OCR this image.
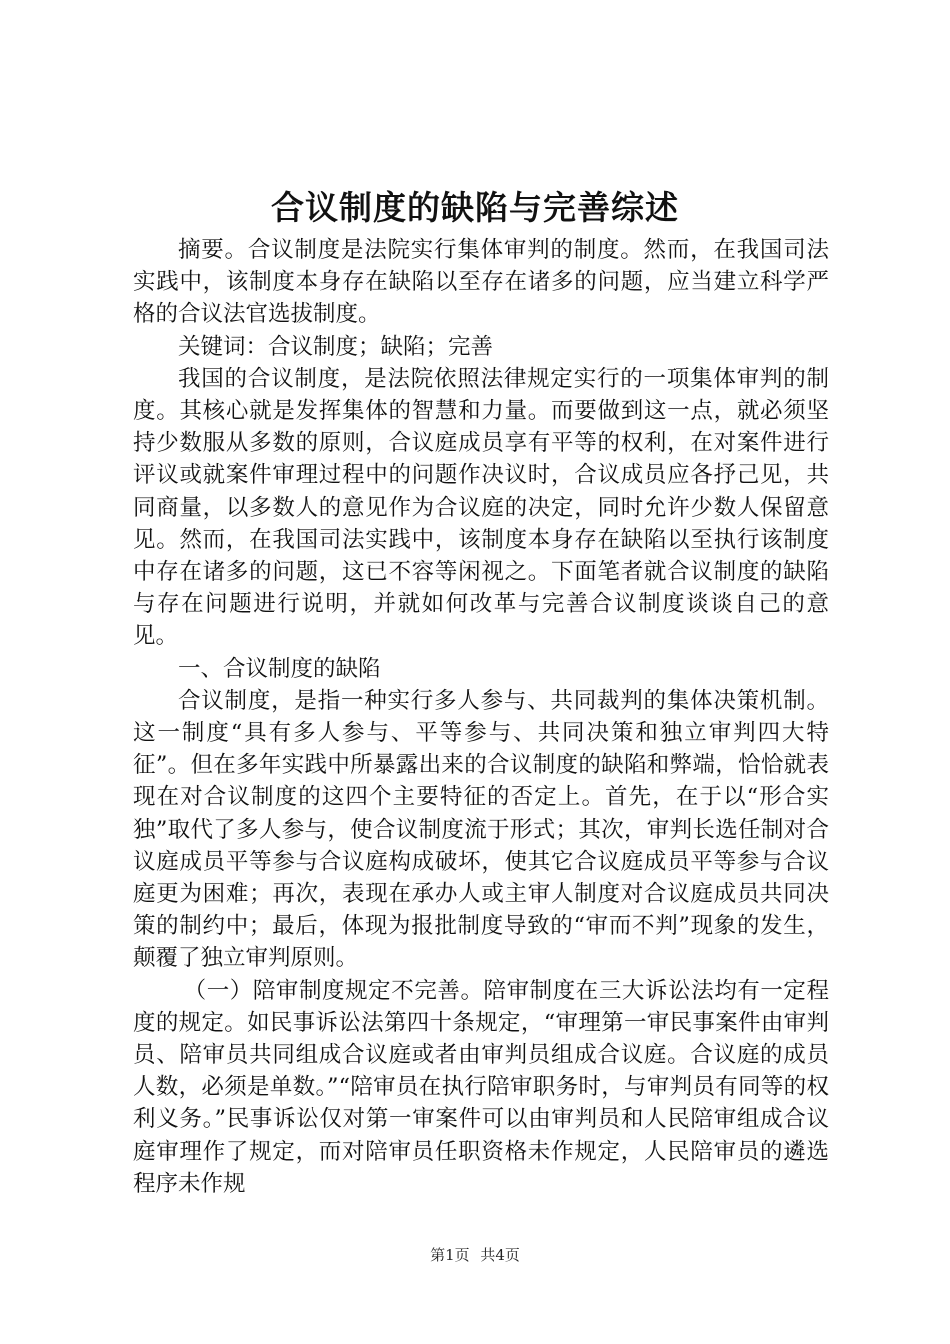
合议制度的缺陷与完善综述

摘要。合议制度是法院实行集体审判的制度。然而，在我国司法实践中，该制度本身存在缺陷以至存在诸多的问题，应当建立科学严格的合议法官选拔制度。

关键词：合议制度；缺陷；完善

我国的合议制度，是法院依照法律规定实行的一项集体审判的制度。其核心就是发挥集体的智慧和力量。而要做到这一点，就必须坚持少数服从多数的原则，合议庭成员享有平等的权利，在对案件进行评议或就案件审理过程中的问题作决议时，合议成员应各抒己见，共同商量，以多数人的意见作为合议庭的决定，同时允许少数人保留意见。然而，在我国司法实践中，该制度本身存在缺陷以至执行该制度中存在诸多的问题，这已不容等闲视之。下面笔者就合议制度的缺陷与存在问题进行说明，并就如何改革与完善合议制度谈谈自己的意见。

一、合议制度的缺陷

合议制度，是指一种实行多人参与、共同裁判的集体决策机制。这一制度“具有多人参与、平等参与、共同决策和独立审判四大特征”。但在多年实践中所暴露出来的合议制度的缺陷和弊端，恰恰就表现在对合议制度的这四个主要特征的否定上。首先，在于以“形合实独”取代了多人参与，使合议制度流于形式；其次，审判长选任制对合议庭成员平等参与合议庭构成破坏，使其它合议庭成员平等参与合议庭更为困难；再次，表现在承办人或主审人制度对合议庭成员共同决策的制约中；最后，体现为报批制度导致的“审而不判”现象的发生，颠覆了独立审判原则。

（一）陪审制度规定不完善。陪审制度在三大诉讼法均有一定程度的规定。如民事诉讼法第四十条规定，“审理第一审民事案件由审判员、陪审员共同组成合议庭或者由审判员组成合议庭。合议庭的成员人数，必须是单数。”“陪审员在执行陪审职务时，与审判员有同等的权利义务。”民事诉讼仅对第一审案件可以由审判员和人民陪审组成合议庭审理作了规定，而对陪审员任职资格未作规定，人民陪审员的遴选程序未作规

第1页 共4页
